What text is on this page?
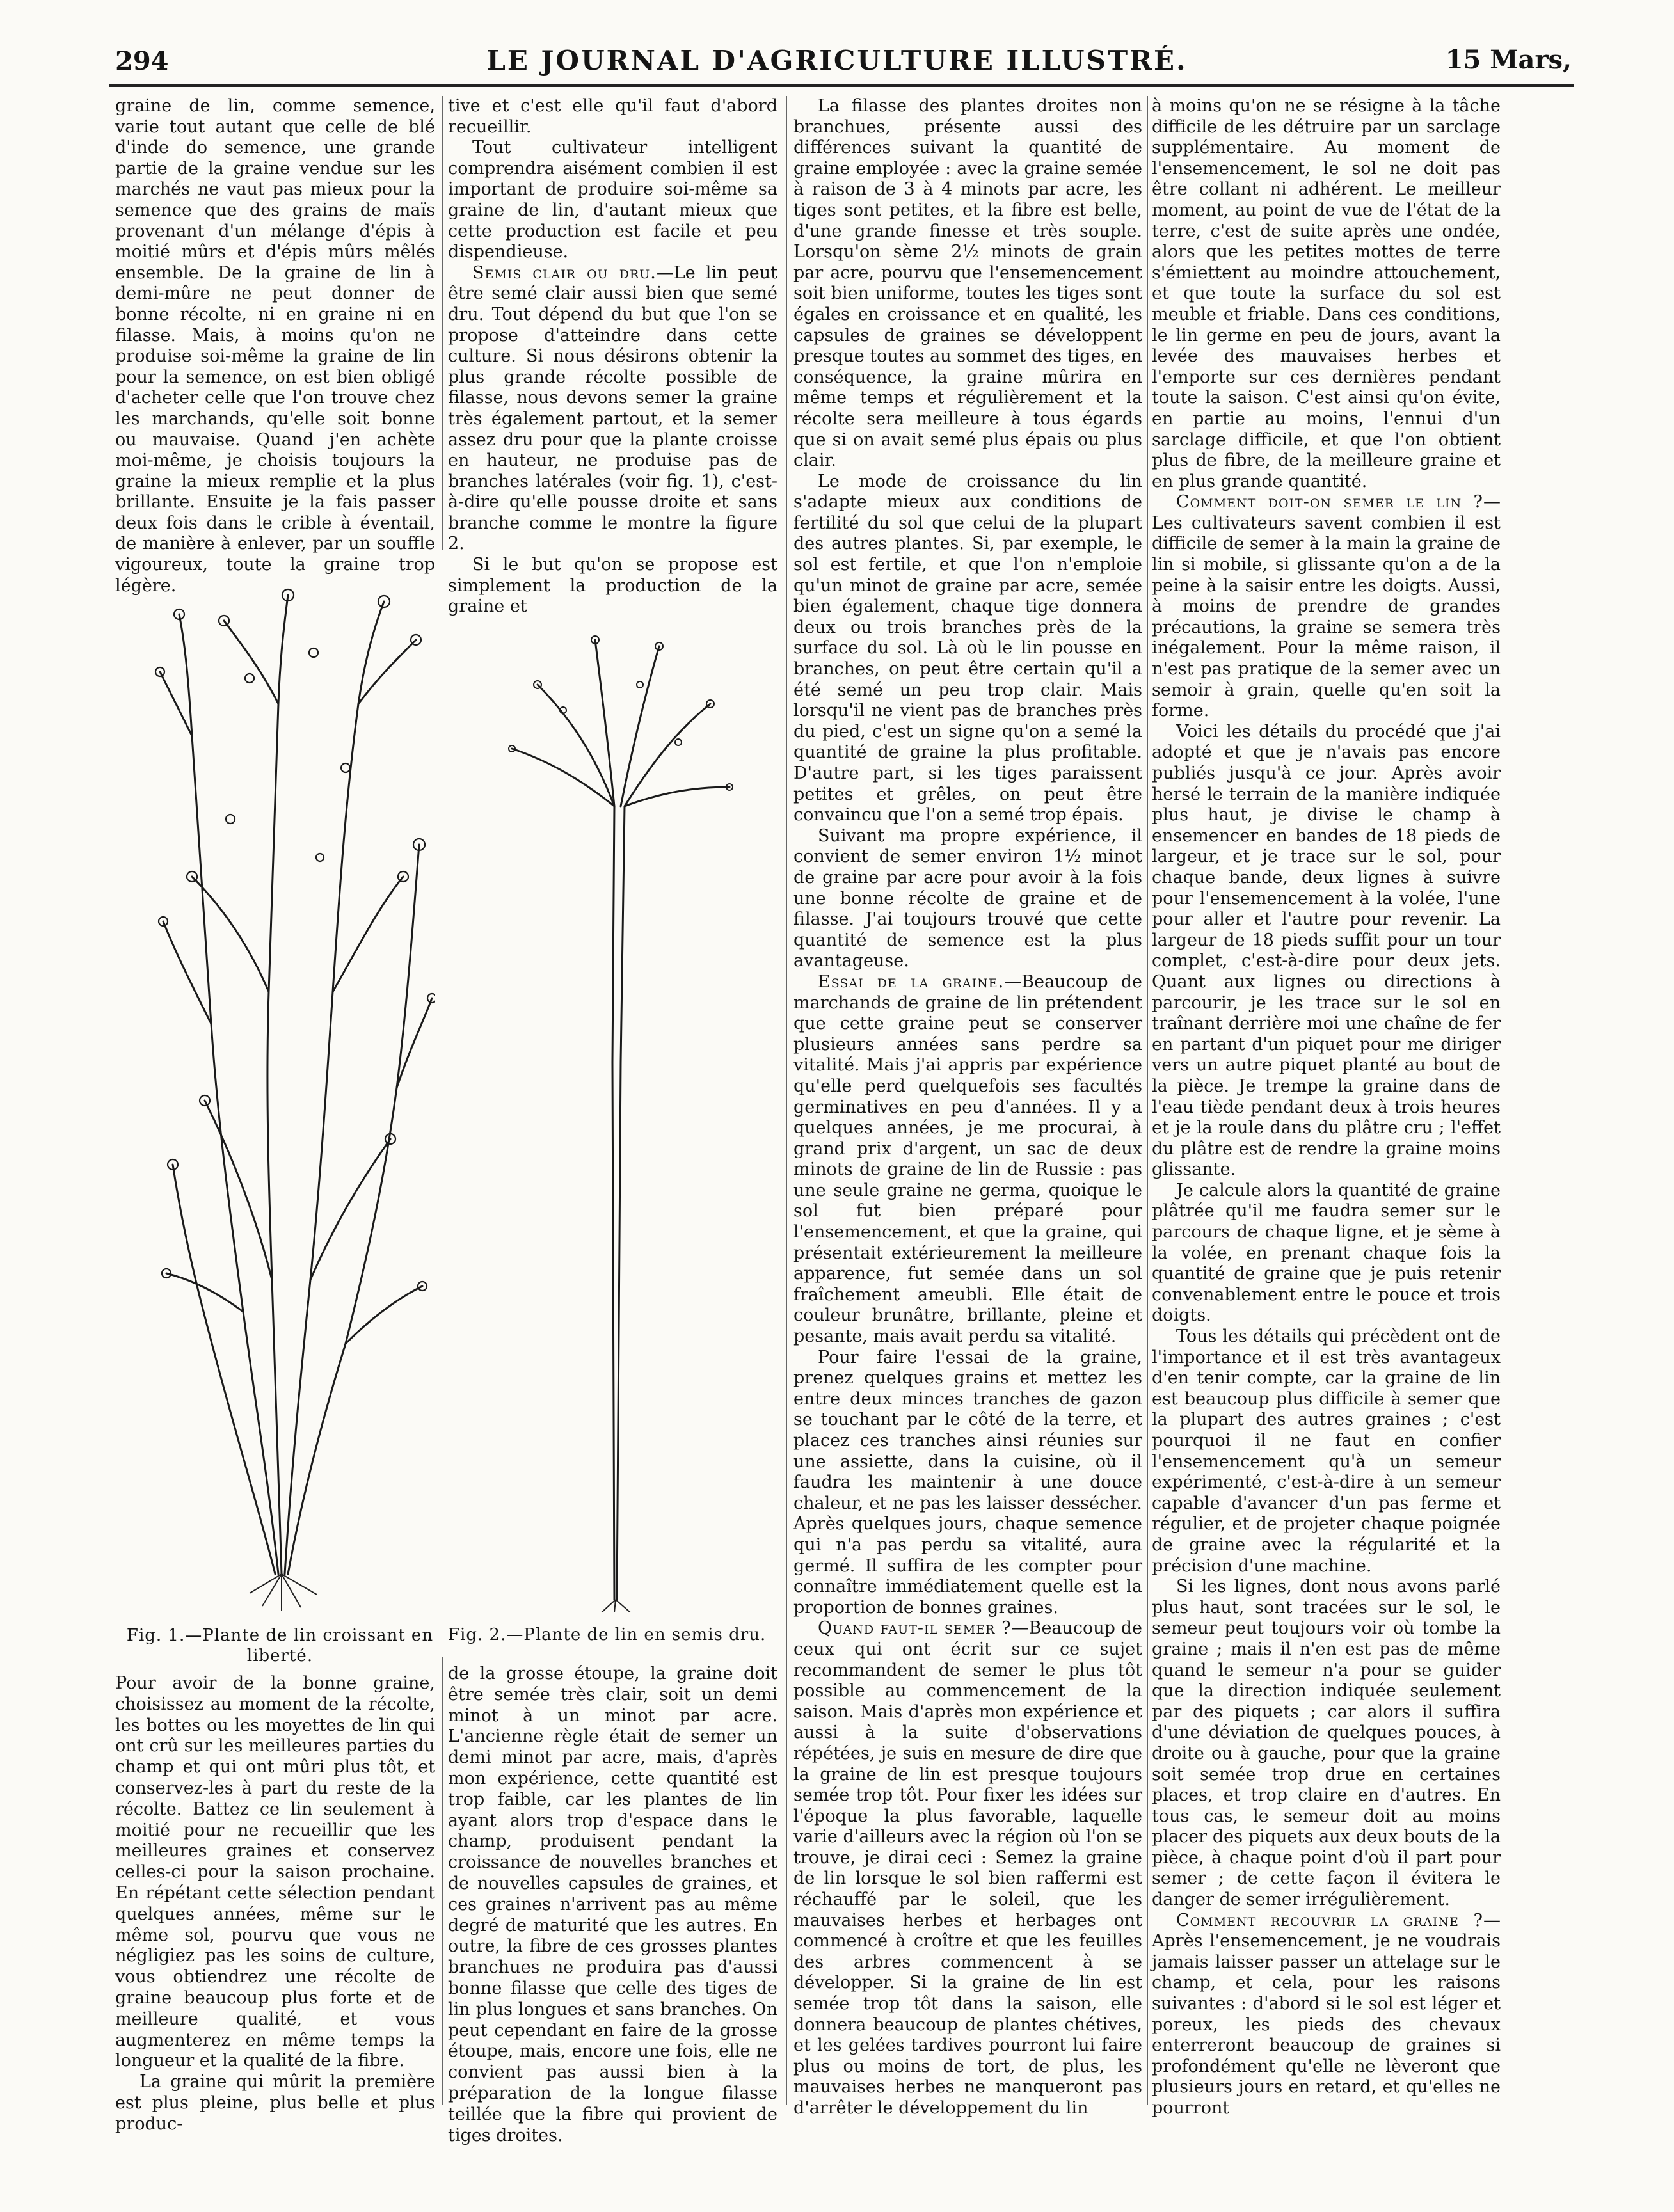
294	LE JOURNAL D'AGRICULTURE ILLUSTRÉ.	15 Mars,

graine de lin, comme semence, varie tout autant que celle de blé d'inde do semence, une grande partie de la graine vendue sur les marchés ne vaut pas mieux pour la semence que des grains de maïs provenant d'un mélange d'épis à moitié mûrs et d'épis mûrs mêlés ensemble. De la graine de lin à demi-mûre ne peut donner de bonne récolte, ni en graine ni en filasse. Mais, à moins qu'on ne produise soi-même la graine de lin pour la semence, on est bien obligé d'acheter celle que l'on trouve chez les marchands, qu'elle soit bonne ou mauvaise. Quand j'en achète moi-même, je choisis toujours la graine la mieux remplie et la plus brillante. Ensuite je la fais passer deux fois dans le crible à éventail, de manière à enlever, par un souffle vigoureux, toute la graine trop légère.

tive et c'est elle qu'il faut d'abord recueillir.

Tout cultivateur intelligent comprendra aisément combien il est important de produire soi-même sa graine de lin, d'autant mieux que cette production est facile et peu dispendieuse.

Semis clair ou dru.—Le lin peut être semé clair aussi bien que semé dru. Tout dépend du but que l'on se propose d'atteindre dans cette culture. Si nous désirons obtenir la plus grande récolte possible de filasse, nous devons semer la graine très également partout, et la semer assez dru pour que la plante croisse en hauteur, ne produise pas de branches latérales (voir fig. 1), c'est-à-dire qu'elle pousse droite et sans branche comme le montre la figure 2.

Si le but qu'on se propose est simplement la production de la graine et

Fig. 1.—Plante de lin croissant en liberté.
Fig. 2.—Plante de lin en semis dru.

Pour avoir de la bonne graine, choisissez au moment de la récolte, les bottes ou les moyettes de lin qui ont crû sur les meilleures parties du champ et qui ont mûri plus tôt, et conservez-les à part du reste de la récolte. Battez ce lin seulement à moitié pour ne recueillir que les meilleures graines et conservez celles-ci pour la saison prochaine. En répétant cette sélection pendant quelques années, même sur le même sol, pourvu que vous ne négligiez pas les soins de culture, vous obtiendrez une récolte de graine beaucoup plus forte et de meilleure qualité, et vous augmenterez en même temps la longueur et la qualité de la fibre.

La graine qui mûrit la première est plus pleine, plus belle et plus produc-

de la grosse étoupe, la graine doit être semée très clair, soit un demi minot à un minot par acre. L'ancienne règle était de semer un demi minot par acre, mais, d'après mon expérience, cette quantité est trop faible, car les plantes de lin ayant alors trop d'espace dans le champ, produisent pendant la croissance de nouvelles branches et de nouvelles capsules de graines, et ces graines n'arrivent pas au même degré de maturité que les autres. En outre, la fibre de ces grosses plantes branchues ne produira pas d'aussi bonne filasse que celle des tiges de lin plus longues et sans branches. On peut cependant en faire de la grosse étoupe, mais, encore une fois, elle ne convient pas aussi bien à la préparation de la longue filasse teillée que la fibre qui provient de tiges droites.

La filasse des plantes droites non branchues, présente aussi des différences suivant la quantité de graine employée : avec la graine semée à raison de 3 à 4 minots par acre, les tiges sont petites, et la fibre est belle, d'une grande finesse et très souple. Lorsqu'on sème 2½ minots de grain par acre, pourvu que l'ensemencement soit bien uniforme, toutes les tiges sont égales en croissance et en qualité, les capsules de graines se développent presque toutes au sommet des tiges, en conséquence, la graine mûrira en même temps et régulièrement et la récolte sera meilleure à tous égards que si on avait semé plus épais ou plus clair.

Le mode de croissance du lin s'adapte mieux aux conditions de fertilité du sol que celui de la plupart des autres plantes. Si, par exemple, le sol est fertile, et que l'on n'emploie qu'un minot de graine par acre, semée bien également, chaque tige donnera deux ou trois branches près de la surface du sol. Là où le lin pousse en branches, on peut être certain qu'il a été semé un peu trop clair. Mais lorsqu'il ne vient pas de branches près du pied, c'est un signe qu'on a semé la quantité de graine la plus profitable. D'autre part, si les tiges paraissent petites et grêles, on peut être convaincu que l'on a semé trop épais.

Suivant ma propre expérience, il convient de semer environ 1½ minot de graine par acre pour avoir à la fois une bonne récolte de graine et de filasse. J'ai toujours trouvé que cette quantité de semence est la plus avantageuse.

Essai de la graine.—Beaucoup de marchands de graine de lin prétendent que cette graine peut se conserver plusieurs années sans perdre sa vitalité. Mais j'ai appris par expérience qu'elle perd quelquefois ses facultés germinatives en peu d'années. Il y a quelques années, je me procurai, à grand prix d'argent, un sac de deux minots de graine de lin de Russie : pas une seule graine ne germa, quoique le sol fut bien préparé pour l'ensemencement, et que la graine, qui présentait extérieurement la meilleure apparence, fut semée dans un sol fraîchement ameubli. Elle était de couleur brunâtre, brillante, pleine et pesante, mais avait perdu sa vitalité.

Pour faire l'essai de la graine, prenez quelques grains et mettez les entre deux minces tranches de gazon se touchant par le côté de la terre, et placez ces tranches ainsi réunies sur une assiette, dans la cuisine, où il faudra les maintenir à une douce chaleur, et ne pas les laisser dessécher. Après quelques jours, chaque semence qui n'a pas perdu sa vitalité, aura germé. Il suffira de les compter pour connaître immédiatement quelle est la proportion de bonnes graines.

Quand faut-il semer ?—Beaucoup de ceux qui ont écrit sur ce sujet recommandent de semer le plus tôt possible au commencement de la saison. Mais d'après mon expérience et aussi à la suite d'observations répétées, je suis en mesure de dire que la graine de lin est presque toujours semée trop tôt. Pour fixer les idées sur l'époque la plus favorable, laquelle varie d'ailleurs avec la région où l'on se trouve, je dirai ceci : Semez la graine de lin lorsque le sol bien raffermi est réchauffé par le soleil, que les mauvaises herbes et herbages ont commencé à croître et que les feuilles des arbres commencent à se développer. Si la graine de lin est semée trop tôt dans la saison, elle donnera beaucoup de plantes chétives, et les gelées tardives pourront lui faire plus ou moins de tort, de plus, les mauvaises herbes ne manqueront pas d'arrêter le développement du lin

à moins qu'on ne se résigne à la tâche difficile de les détruire par un sarclage supplémentaire. Au moment de l'ensemencement, le sol ne doit pas être collant ni adhérent. Le meilleur moment, au point de vue de l'état de la terre, c'est de suite après une ondée, alors que les petites mottes de terre s'émiettent au moindre attouchement, et que toute la surface du sol est meuble et friable. Dans ces conditions, le lin germe en peu de jours, avant la levée des mauvaises herbes et l'emporte sur ces dernières pendant toute la saison. C'est ainsi qu'on évite, en partie au moins, l'ennui d'un sarclage difficile, et que l'on obtient plus de fibre, de la meilleure graine et en plus grande quantité.

Comment doit-on semer le lin ?—Les cultivateurs savent combien il est difficile de semer à la main la graine de lin si mobile, si glissante qu'on a de la peine à la saisir entre les doigts. Aussi, à moins de prendre de grandes précautions, la graine se semera très inégalement. Pour la même raison, il n'est pas pratique de la semer avec un semoir à grain, quelle qu'en soit la forme.

Voici les détails du procédé que j'ai adopté et que je n'avais pas encore publiés jusqu'à ce jour. Après avoir hersé le terrain de la manière indiquée plus haut, je divise le champ à ensemencer en bandes de 18 pieds de largeur, et je trace sur le sol, pour chaque bande, deux lignes à suivre pour l'ensemencement à la volée, l'une pour aller et l'autre pour revenir. La largeur de 18 pieds suffit pour un tour complet, c'est-à-dire pour deux jets. Quant aux lignes ou directions à parcourir, je les trace sur le sol en traînant derrière moi une chaîne de fer en partant d'un piquet pour me diriger vers un autre piquet planté au bout de la pièce. Je trempe la graine dans de l'eau tiède pendant deux à trois heures et je la roule dans du plâtre cru ; l'effet du plâtre est de rendre la graine moins glissante.

Je calcule alors la quantité de graine plâtrée qu'il me faudra semer sur le parcours de chaque ligne, et je sème à la volée, en prenant chaque fois la quantité de graine que je puis retenir convenablement entre le pouce et trois doigts.

Tous les détails qui précèdent ont de l'importance et il est très avantageux d'en tenir compte, car la graine de lin est beaucoup plus difficile à semer que la plupart des autres graines ; c'est pourquoi il ne faut en confier l'ensemencement qu'à un semeur expérimenté, c'est-à-dire à un semeur capable d'avancer d'un pas ferme et régulier, et de projeter chaque poignée de graine avec la régularité et la précision d'une machine.

Si les lignes, dont nous avons parlé plus haut, sont tracées sur le sol, le semeur peut toujours voir où tombe la graine ; mais il n'en est pas de même quand le semeur n'a pour se guider que la direction indiquée seulement par des piquets ; car alors il suffira d'une déviation de quelques pouces, à droite ou à gauche, pour que la graine soit semée trop drue en certaines places, et trop claire en d'autres. En tous cas, le semeur doit au moins placer des piquets aux deux bouts de la pièce, à chaque point d'où il part pour semer ; de cette façon il évitera le danger de semer irrégulièrement.

Comment recouvrir la graine ?—Après l'ensemencement, je ne voudrais jamais laisser passer un attelage sur le champ, et cela, pour les raisons suivantes : d'abord si le sol est léger et poreux, les pieds des chevaux enterreront beaucoup de graines si profondément qu'elle ne lèveront que plusieurs jours en retard, et qu'elles ne pourront
